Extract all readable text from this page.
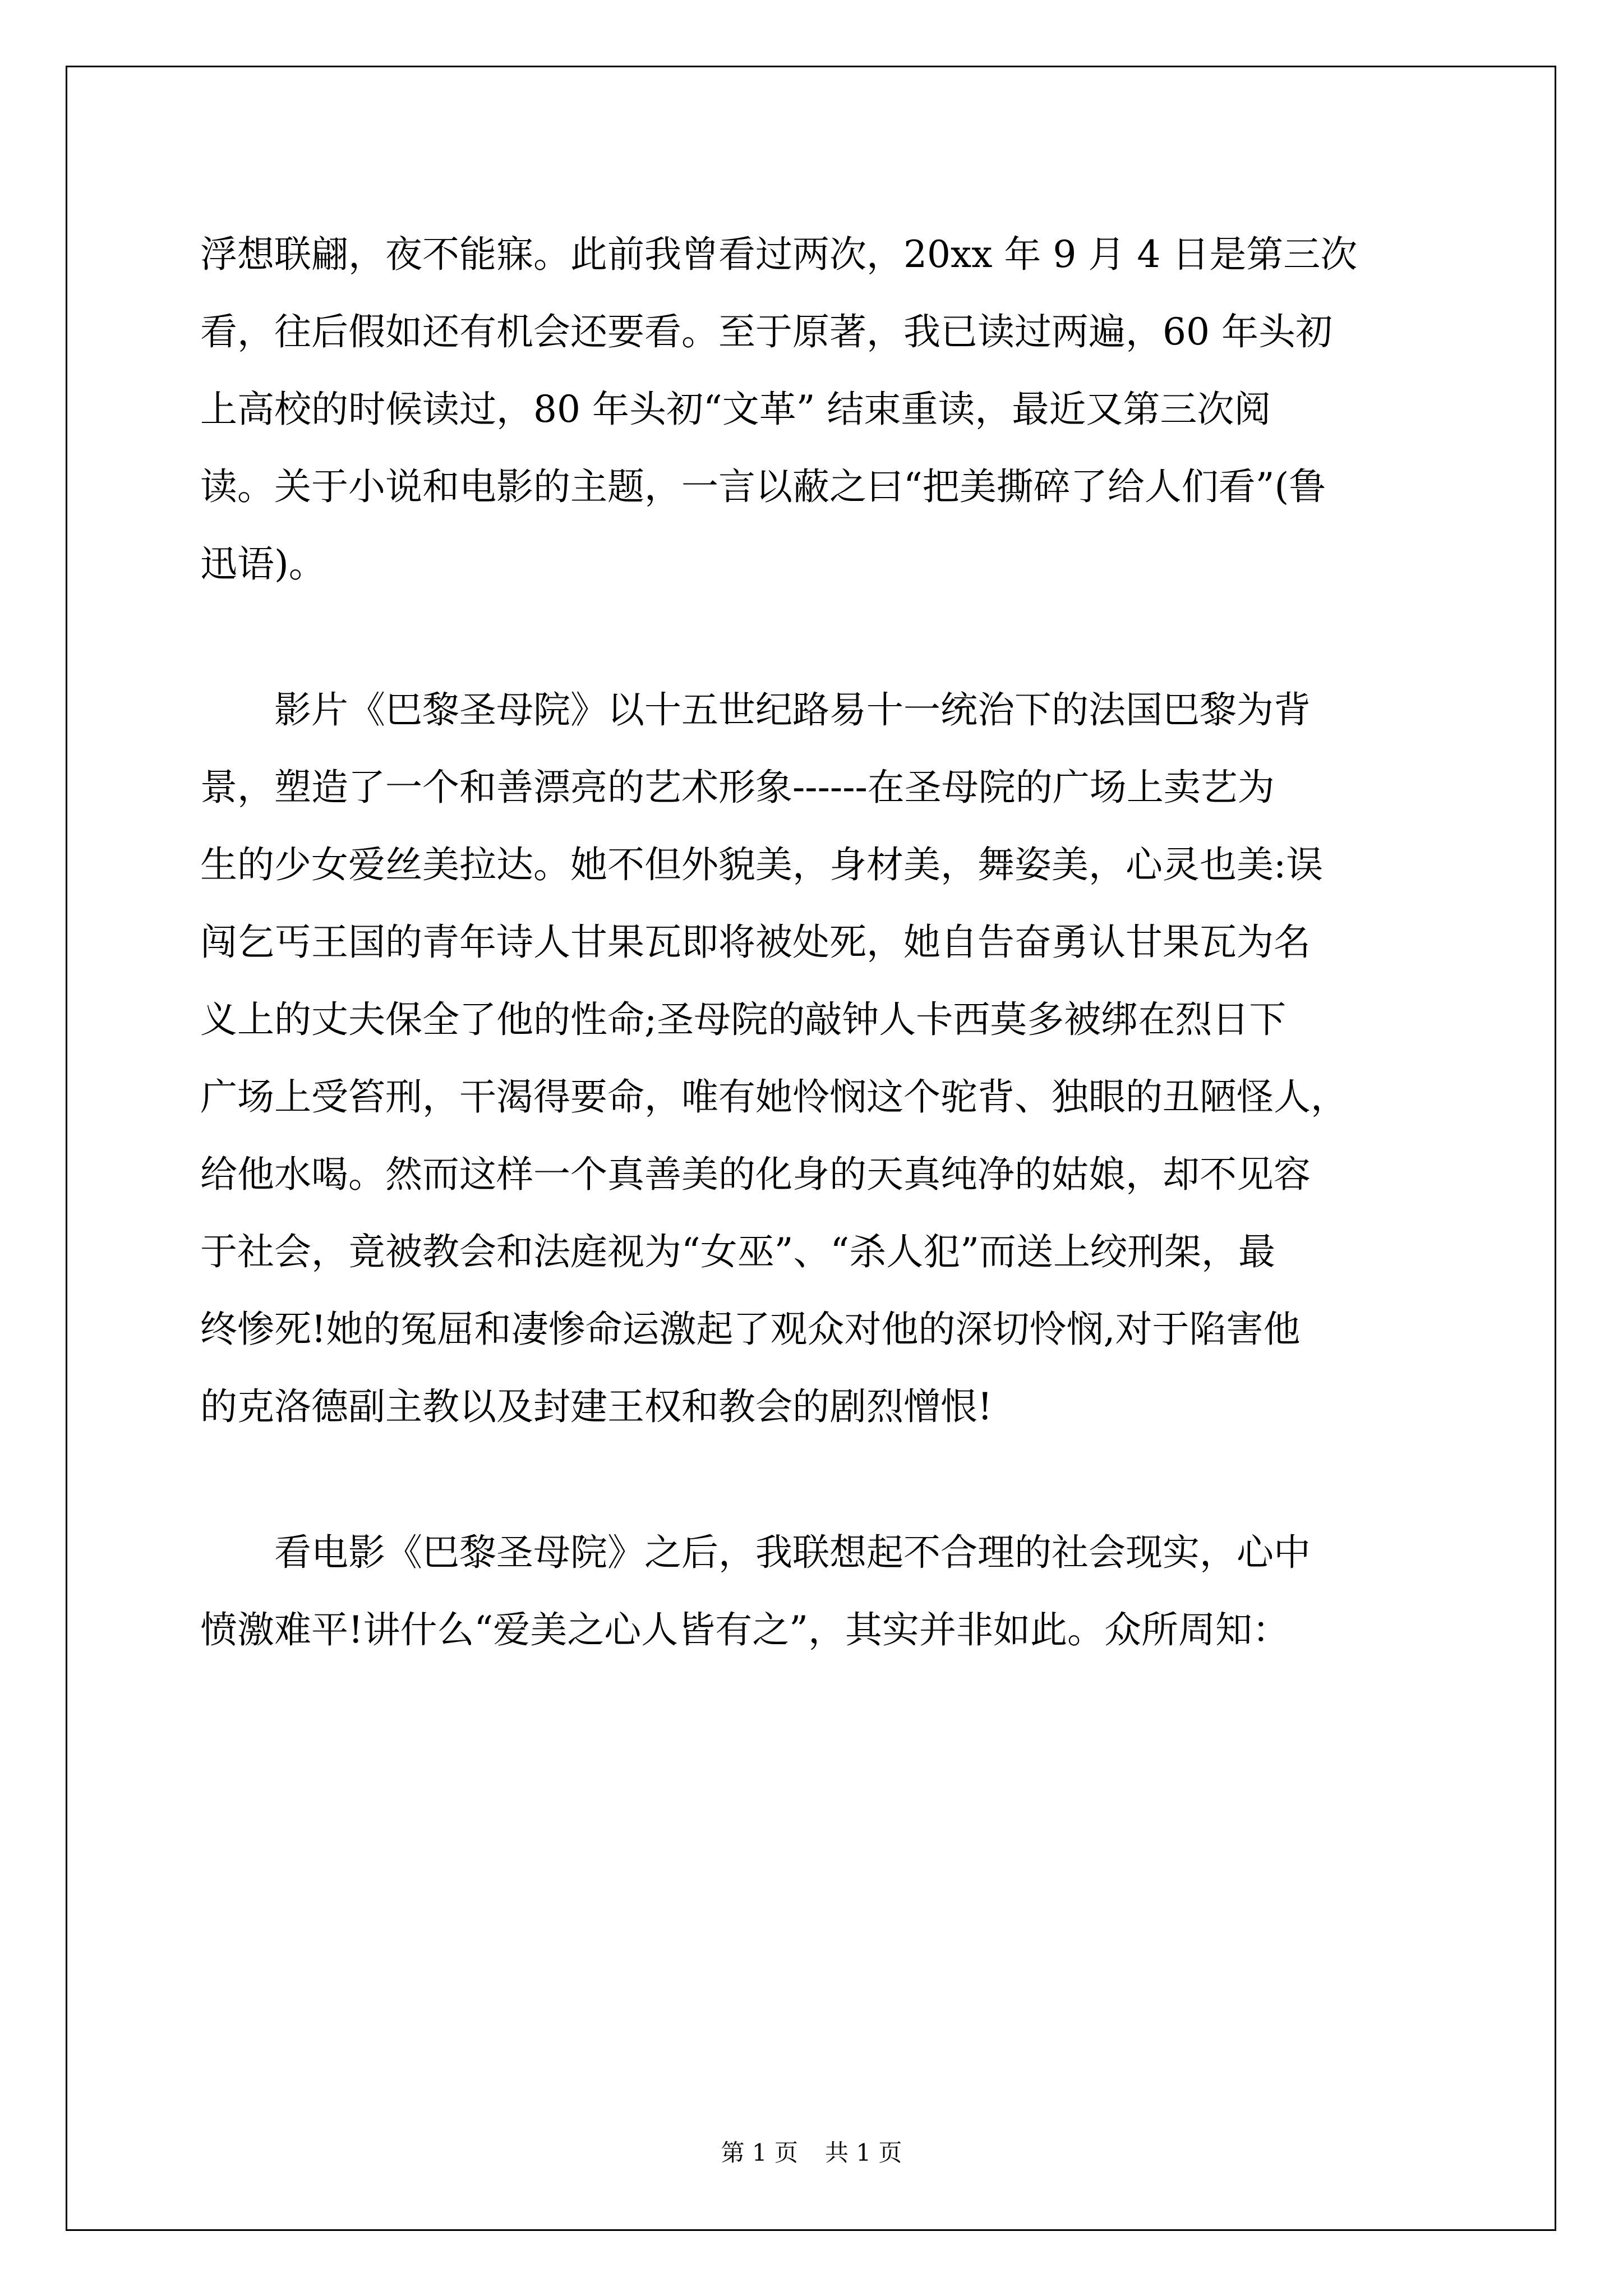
浮想联翩，夜不能寐。此前我曾看过两次，20xx 年 9 月 4 日是第三次
看，往后假如还有机会还要看。至于原著，我已读过两遍，60 年头初
上高校的时候读过，80 年头初“文革” 结束重读，最近又第三次阅
读。关于小说和电影的主题，一言以蔽之曰“把美撕碎了给人们看”(鲁
迅语)。
影片《巴黎圣母院》以十五世纪路易十一统治下的法国巴黎为背
景，塑造了一个和善漂亮的艺术形象------在圣母院的广场上卖艺为
生的少女爱丝美拉达。她不但外貌美，身材美，舞姿美，心灵也美:误
闯乞丐王国的青年诗人甘果瓦即将被处死，她自告奋勇认甘果瓦为名
义上的丈夫保全了他的性命;圣母院的敲钟人卡西莫多被绑在烈日下
广场上受笞刑，干渴得要命，唯有她怜悯这个驼背、独眼的丑陋怪人，
给他水喝。然而这样一个真善美的化身的天真纯净的姑娘，却不见容
于社会，竟被教会和法庭视为“女巫”、“杀人犯”而送上绞刑架，最
终惨死!她的冤屈和凄惨命运激起了观众对他的深切怜悯,对于陷害他
的克洛德副主教以及封建王权和教会的剧烈憎恨!
看电影《巴黎圣母院》之后，我联想起不合理的社会现实，心中
愤激难平!讲什么“爱美之心人皆有之”，其实并非如此。众所周知：
第 1 页 共 1 页
